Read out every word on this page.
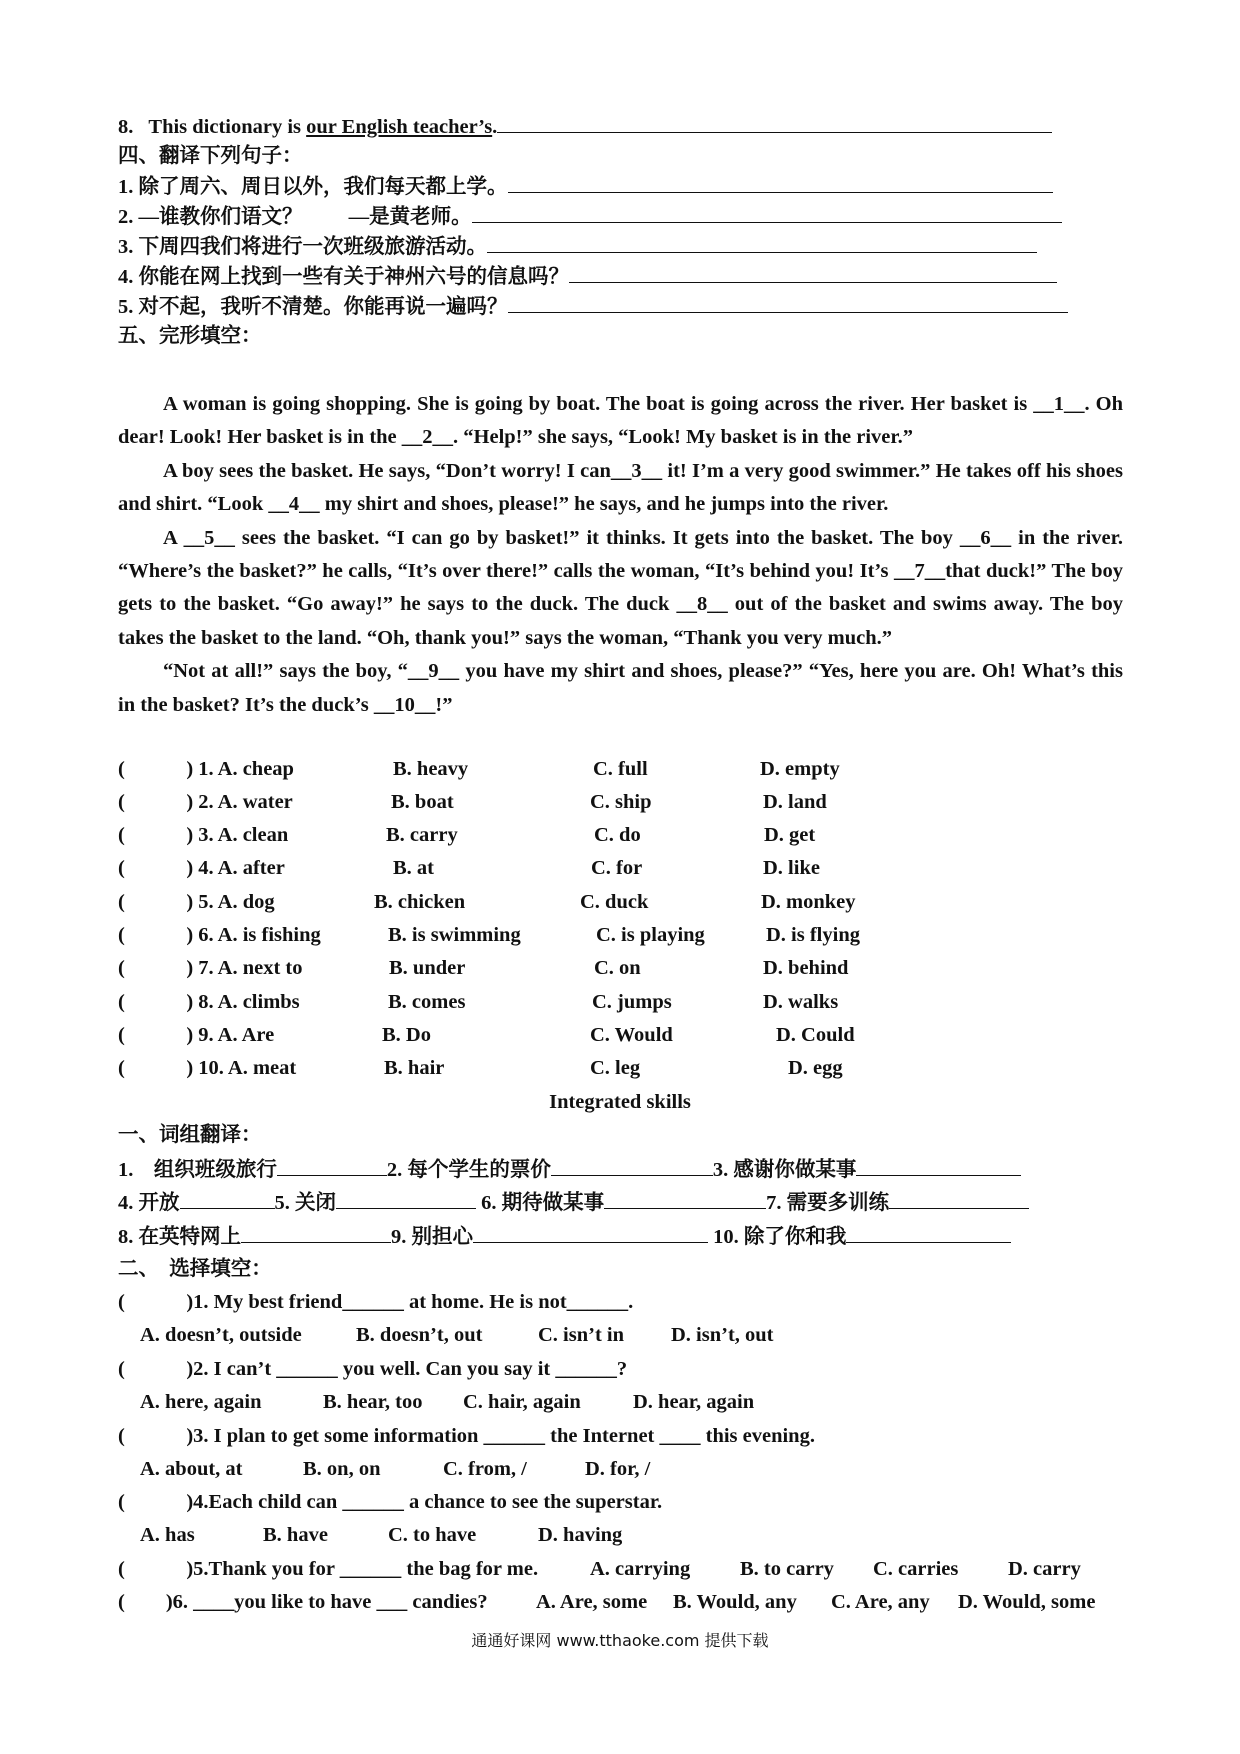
8. This dictionary is our English teacher’s.
四、翻译下列句子：
1. 除了周六、周日以外，我们每天都上学。
2. —谁教你们语文？　　 —是黄老师。
3. 下周四我们将进行一次班级旅游活动。
4. 你能在网上找到一些有关于神州六号的信息吗？
5. 对不起，我听不清楚。你能再说一遍吗？
五、完形填空：

A woman is going shopping. She is going by boat. The boat is going across the river. Her basket is __1__. Oh dear! Look! Her basket is in the __2__. “Help!” she says, “Look! My basket is in the river.”

A boy sees the basket. He says, “Don’t worry! I can__3__ it! I’m a very good swimmer.” He takes off his shoes and shirt. “Look __4__ my shirt and shoes, please!” he says, and he jumps into the river.

A __5__ sees the basket. “I can go by basket!” it thinks. It gets into the basket. The boy __6__ in the river. “Where’s the basket?” he calls, “It’s over there!” calls the woman, “It’s behind you! It’s __7__that duck!” The boy gets to the basket. “Go away!” he says to the duck. The duck __8__ out of the basket and swims away. The boy takes the basket to the land. “Oh, thank you!” says the woman, “Thank you very much.”

“Not at all!” says the boy, “__9__ you have my shirt and shoes, please?” “Yes, here you are. Oh! What’s this in the basket? It’s the duck’s __10__!”

(　　　) 1. A. cheap	B. heavy	C. full	D. empty
(　　　) 2. A. water	B. boat	C. ship	D. land
(　　　) 3. A. clean	B. carry	C. do	D. get
(　　　) 4. A. after	B. at	C. for	D. like
(　　　) 5. A. dog	B. chicken	C. duck	D. monkey
(　　　) 6. A. is fishing	B. is swimming	C. is playing	D. is flying
(　　　) 7. A. next to	B. under	C. on	D. behind
(　　　) 8. A. climbs	B. comes	C. jumps	D. walks
(　　　) 9. A. Are	B. Do	C. Would	D. Could
(　　　) 10. A. meat	B. hair	C. leg	D. egg
Integrated skills
一、词组翻译：
1.　组织班级旅行	2. 每个学生的票价	3. 感谢你做某事
4. 开放	5. 关闭	6. 期待做某事	7. 需要多训练
8. 在英特网上	9. 别担心	10. 除了你和我
二、　选择填空：
(　　　)1. My best friend______ at home. He is not______.
A. doesn’t, outside	B. doesn’t, out	C. isn’t in D. isn’t, out
(　　　)2. I can’t ______ you well. Can you say it ______?
A. here, again	B. hear, too C. hair, again	D. hear, again
(　　　)3. I plan to get some information ______ the Internet ____ this evening.
A. about, at	B. on, on	C. from, /	D. for, /
(　　　)4.Each child can ______ a chance to see the superstar.
A. has	B. have	C. to have	D. having
(　　　)5.Thank you for ______ the bag for me.	A. carrying B. to carry C. carries D. carry
(　　)6. ____you like to have ___ candies? A. Are, some B. Would, any C. Are, any D. Would, some
通通好课网 www.tthaoke.com 提供下载
